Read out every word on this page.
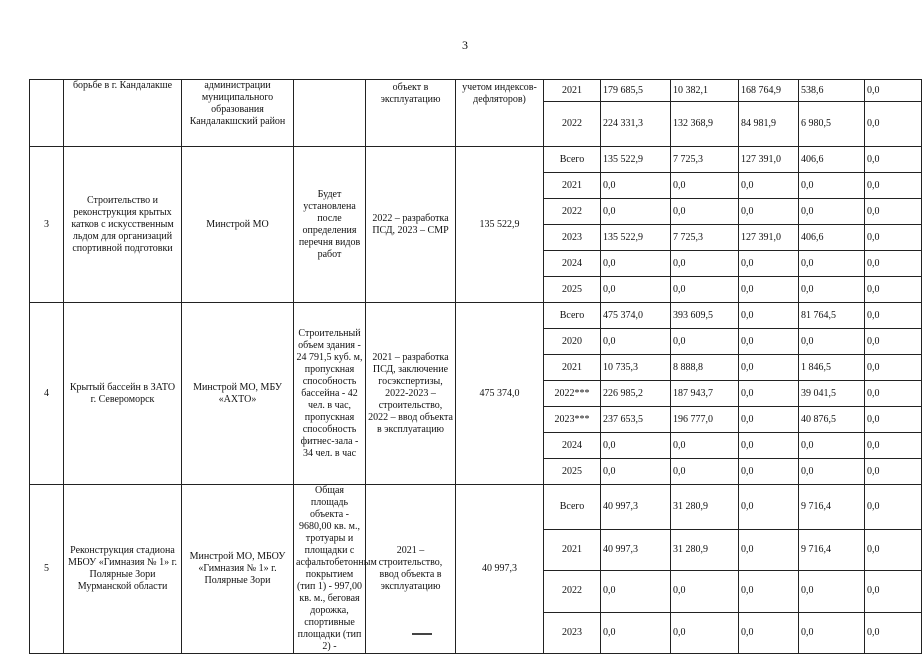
3
	борьбе в г. Кандалакше	администрации муниципального образования Кандалакшский район		объект в эксплуатацию	учетом индексов-дефляторов)	2021	179 685,5	10 382,1	168 764,9	538,6	0,0
						2022	224 331,3	132 368,9	84 981,9	6 980,5	0,0
3	Строительство и реконструкция крытых катков с искусственным льдом для организаций спортивной подготовки	Минстрой МО	Будет установлена после определения перечня видов работ	2022 – разработка ПСД, 2023 – СМР	135 522,9	Всего	135 522,9	7 725,3	127 391,0	406,6	0,0
						2021	0,0	0,0	0,0	0,0	0,0
						2022	0,0	0,0	0,0	0,0	0,0
						2023	135 522,9	7 725,3	127 391,0	406,6	0,0
						2024	0,0	0,0	0,0	0,0	0,0
						2025	0,0	0,0	0,0	0,0	0,0
4	Крытый бассейн в ЗАТО г. Североморск	Минстрой МО, МБУ «АХТО»	Строительный объем здания - 24 791,5 куб. м, пропускная способность бассейна - 42 чел. в час, пропускная способность фитнес-зала - 34 чел. в час	2021 – разработка ПСД, заключение госэкспертизы, 2022-2023 – строительство, 2022 – ввод объекта в эксплуатацию	475 374,0	Всего	475 374,0	393 609,5	0,0	81 764,5	0,0
						2020	0,0	0,0	0,0	0,0	0,0
						2021	10 735,3	8 888,8	0,0	1 846,5	0,0
						2022***	226 985,2	187 943,7	0,0	39 041,5	0,0
						2023***	237 653,5	196 777,0	0,0	40 876,5	0,0
						2024	0,0	0,0	0,0	0,0	0,0
						2025	0,0	0,0	0,0	0,0	0,0
5	Реконструкция стадиона МБОУ «Гимназия № 1» г. Полярные Зори Мурманской области	Минстрой МО, МБОУ «Гимназия № 1» г. Полярные Зори	Общая площадь объекта - 9680,00 кв. м., тротуары и площадки с асфальтобетонным покрытием (тип 1) - 997,00 кв. м., беговая дорожка, спортивные площадки (тип 2) -	2021 – строительство, ввод объекта в эксплуатацию	40 997,3	Всего	40 997,3	31 280,9	0,0	9 716,4	0,0
						2021	40 997,3	31 280,9	0,0	9 716,4	0,0
						2022	0,0	0,0	0,0	0,0	0,0
						2023	0,0	0,0	0,0	0,0	0,0
